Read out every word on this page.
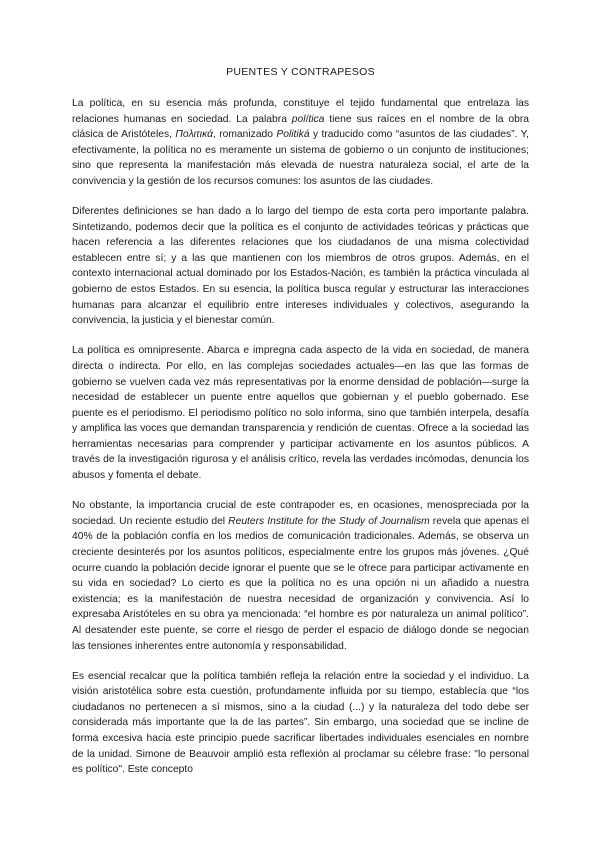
PUENTES Y CONTRAPESOS

La política, en su esencia más profunda, constituye el tejido fundamental que entrelaza las relaciones humanas en sociedad. La palabra política tiene sus raíces en el nombre de la obra clásica de Aristóteles, Πολιτικά, romanizado Politiká y traducido como “asuntos de las ciudades”. Y, efectivamente, la política no es meramente un sistema de gobierno o un conjunto de instituciones; sino que representa la manifestación más elevada de nuestra naturaleza social, el arte de la convivencia y la gestión de los recursos comunes: los asuntos de las ciudades.

Diferentes definiciones se han dado a lo largo del tiempo de esta corta pero importante palabra. Sintetizando, podemos decir que la política es el conjunto de actividades teóricas y prácticas que hacen referencia a las diferentes relaciones que los ciudadanos de una misma colectividad establecen entre sí; y a las que mantienen con los miembros de otros grupos. Además, en el contexto internacional actual dominado por los Estados-Nación, es también la práctica vinculada al gobierno de estos Estados. En su esencia, la política busca regular y estructurar las interacciones humanas para alcanzar el equilibrio entre intereses individuales y colectivos, asegurando la convivencia, la justicia y el bienestar común.

La política es omnipresente. Abarca e impregna cada aspecto de la vida en sociedad, de manera directa o indirecta. Por ello, en las complejas sociedades actuales—en las que las formas de gobierno se vuelven cada vez más representativas por la enorme densidad de población—surge la necesidad de establecer un puente entre aquellos que gobiernan y el pueblo gobernado. Ese puente es el periodismo. El periodismo político no solo informa, sino que también interpela, desafía y amplifica las voces que demandan transparencia y rendición de cuentas. Ofrece a la sociedad las herramientas necesarias para comprender y participar activamente en los asuntos públicos. A través de la investigación rigurosa y el análisis crítico, revela las verdades incómodas, denuncia los abusos y fomenta el debate.

No obstante, la importancia crucial de este contrapoder es, en ocasiones, menospreciada por la sociedad. Un reciente estudio del Reuters Institute for the Study of Journalism revela que apenas el 40% de la población confía en los medios de comunicación tradicionales. Además, se observa un creciente desinterés por los asuntos políticos, especialmente entre los grupos más jóvenes. ¿Qué ocurre cuando la población decide ignorar el puente que se le ofrece para participar activamente en su vida en sociedad? Lo cierto es que la política no es una opción ni un añadido a nuestra existencia; es la manifestación de nuestra necesidad de organización y convivencia. Así lo expresaba Aristóteles en su obra ya mencionada: “el hombre es por naturaleza un animal político”. Al desatender este puente, se corre el riesgo de perder el espacio de diálogo donde se negocian las tensiones inherentes entre autonomía y responsabilidad.

Es esencial recalcar que la política también refleja la relación entre la sociedad y el individuo. La visión aristotélica sobre esta cuestión, profundamente influida por su tiempo, establecía que “los ciudadanos no pertenecen a sí mismos, sino a la ciudad (...) y la naturaleza del todo debe ser considerada más importante que la de las partes”. Sin embargo, una sociedad que se incline de forma excesiva hacia este principio puede sacrificar libertades individuales esenciales en nombre de la unidad. Simone de Beauvoir amplió esta reflexión al proclamar su célebre frase: "lo personal es político". Este concepto
